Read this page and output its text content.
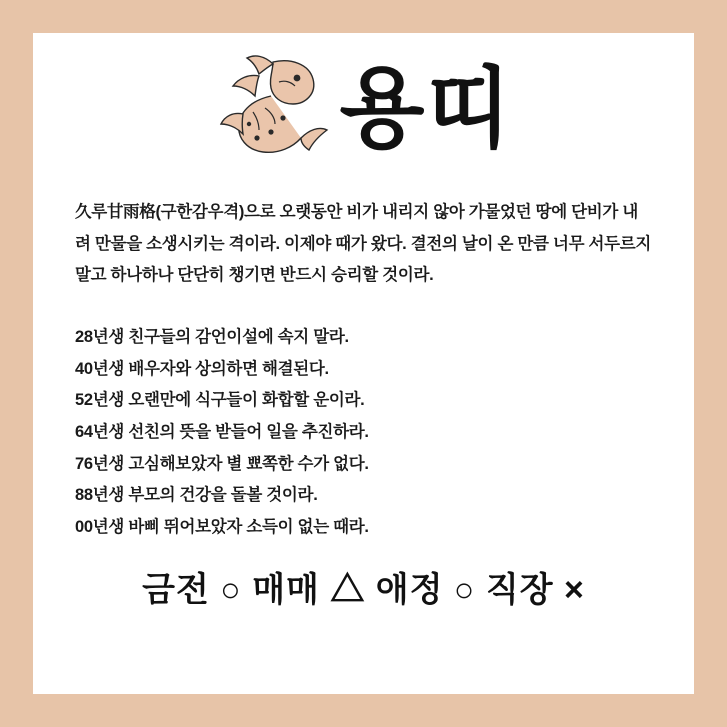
용띠

久루甘雨格(구한감우격)으로 오랫동안 비가 내리지 않아 가물었던 땅에 단비가 내려 만물을 소생시키는 격이라. 이제야 때가 왔다. 결전의 날이 온 만큼 너무 서두르지 말고 하나하나 단단히 챙기면 반드시 승리할 것이라.

28년생 친구들의 감언이설에 속지 말라.
40년생 배우자와 상의하면 해결된다.
52년생 오랜만에 식구들이 화합할 운이라.
64년생 선친의 뜻을 받들어 일을 추진하라.
76년생 고심해보았자 별 뾰쪽한 수가 없다.
88년생 부모의 건강을 돌볼 것이라.
00년생 바삐 뛰어보았자 소득이 없는 때라.
금전 ○ 매매 △ 애정 ○ 직장 ×
